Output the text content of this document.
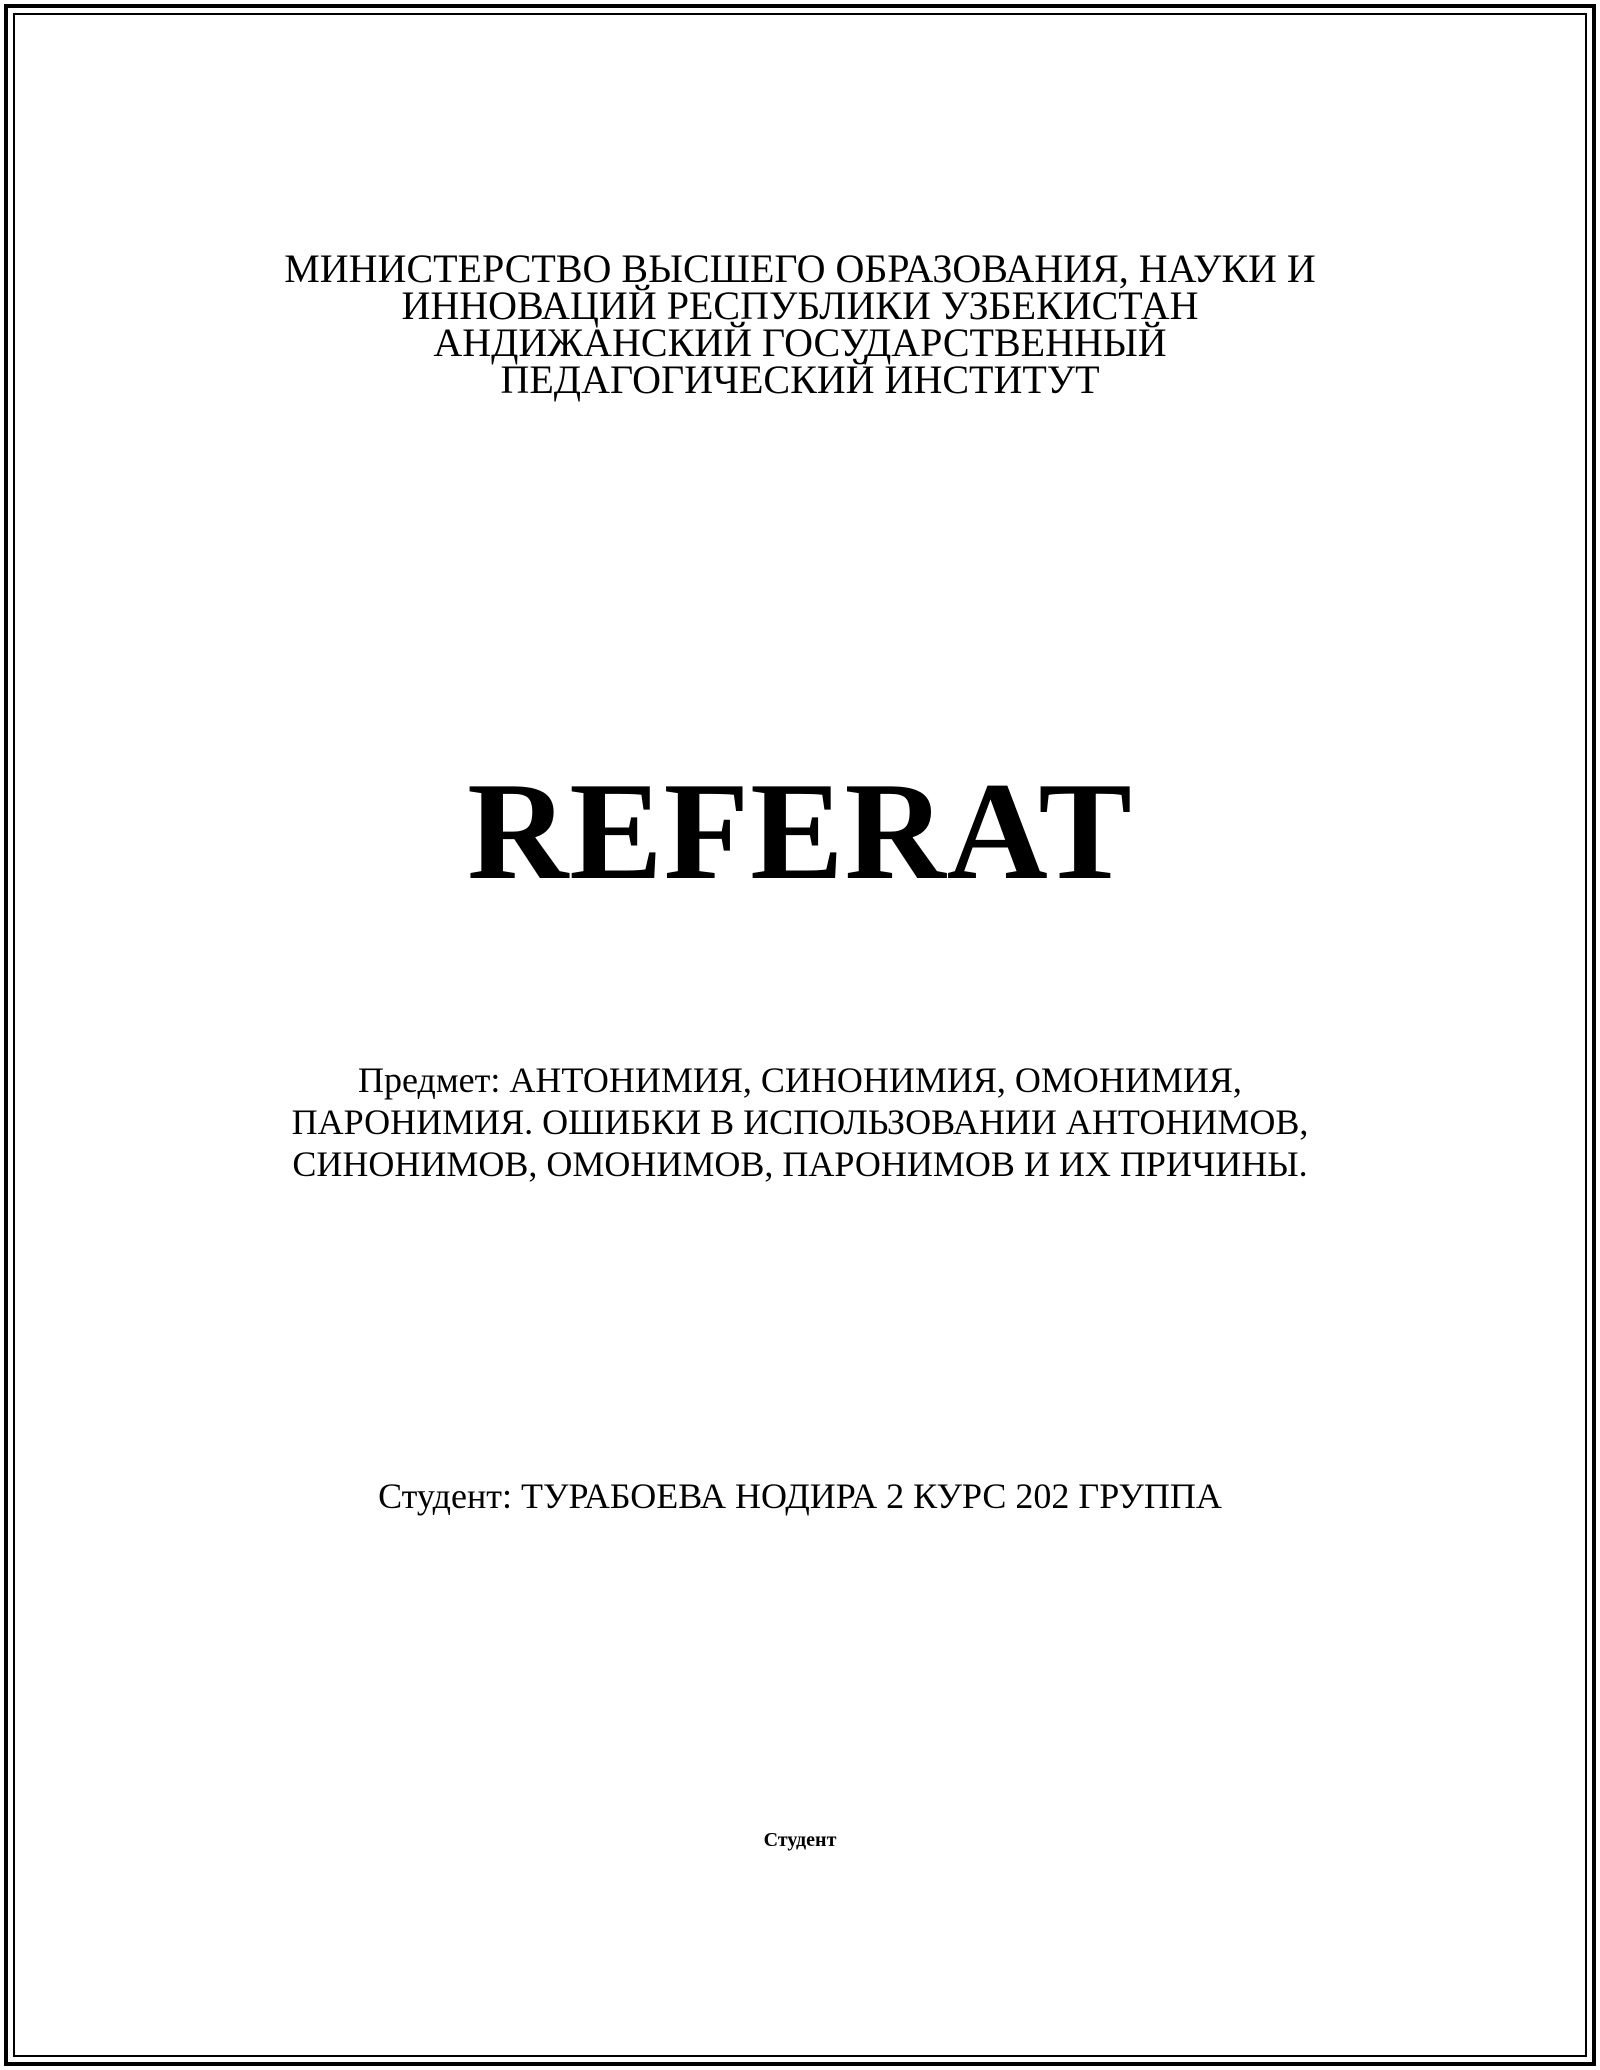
МИНИСТЕРСТВО ВЫСШЕГО ОБРАЗОВАНИЯ, НАУКИ И
ИННОВАЦИЙ РЕСПУБЛИКИ УЗБЕКИСТАН
АНДИЖАНСКИЙ ГОСУДАРСТВЕННЫЙ
ПЕДАГОГИЧЕСКИЙ ИНСТИТУТ
REFERAT
Предмет: АНТОНИМИЯ, СИНОНИМИЯ, ОМОНИМИЯ,
ПАРОНИМИЯ. ОШИБКИ В ИСПОЛЬЗОВАНИИ АНТОНИМОВ,
СИНОНИМОВ, ОМОНИМОВ, ПАРОНИМОВ И ИХ ПРИЧИНЫ.
Студент: ТУРАБОЕВА НОДИРА 2 КУРС 202 ГРУППА
Студент
